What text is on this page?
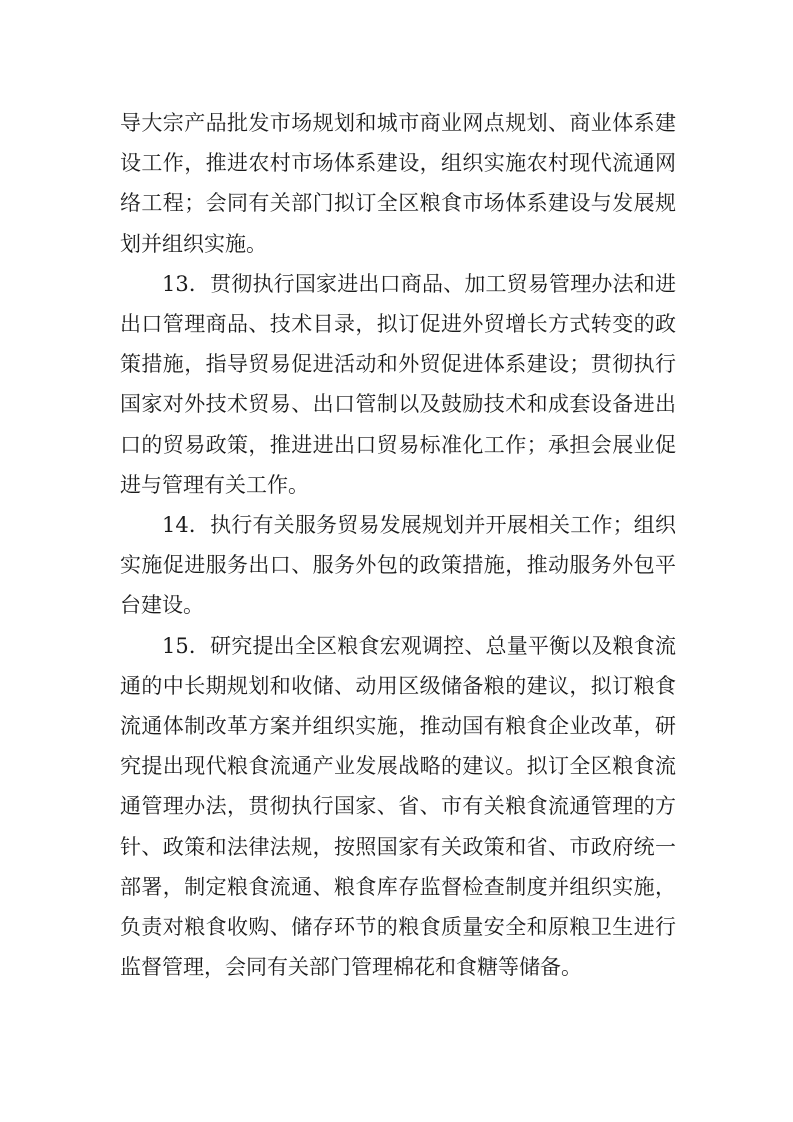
导大宗产品批发市场规划和城市商业网点规划、商业体系建设工作，推进农村市场体系建设，组织实施农村现代流通网络工程；会同有关部门拟订全区粮食市场体系建设与发展规划并组织实施。

13．贯彻执行国家进出口商品、加工贸易管理办法和进出口管理商品、技术目录，拟订促进外贸增长方式转变的政策措施，指导贸易促进活动和外贸促进体系建设；贯彻执行国家对外技术贸易、出口管制以及鼓励技术和成套设备进出口的贸易政策，推进进出口贸易标准化工作；承担会展业促进与管理有关工作。

14．执行有关服务贸易发展规划并开展相关工作；组织实施促进服务出口、服务外包的政策措施，推动服务外包平台建设。

15．研究提出全区粮食宏观调控、总量平衡以及粮食流通的中长期规划和收储、动用区级储备粮的建议，拟订粮食流通体制改革方案并组织实施，推动国有粮食企业改革，研究提出现代粮食流通产业发展战略的建议。拟订全区粮食流通管理办法，贯彻执行国家、省、市有关粮食流通管理的方针、政策和法律法规，按照国家有关政策和省、市政府统一部署，制定粮食流通、粮食库存监督检查制度并组织实施，负责对粮食收购、储存环节的粮食质量安全和原粮卫生进行监督管理，会同有关部门管理棉花和食糖等储备。
